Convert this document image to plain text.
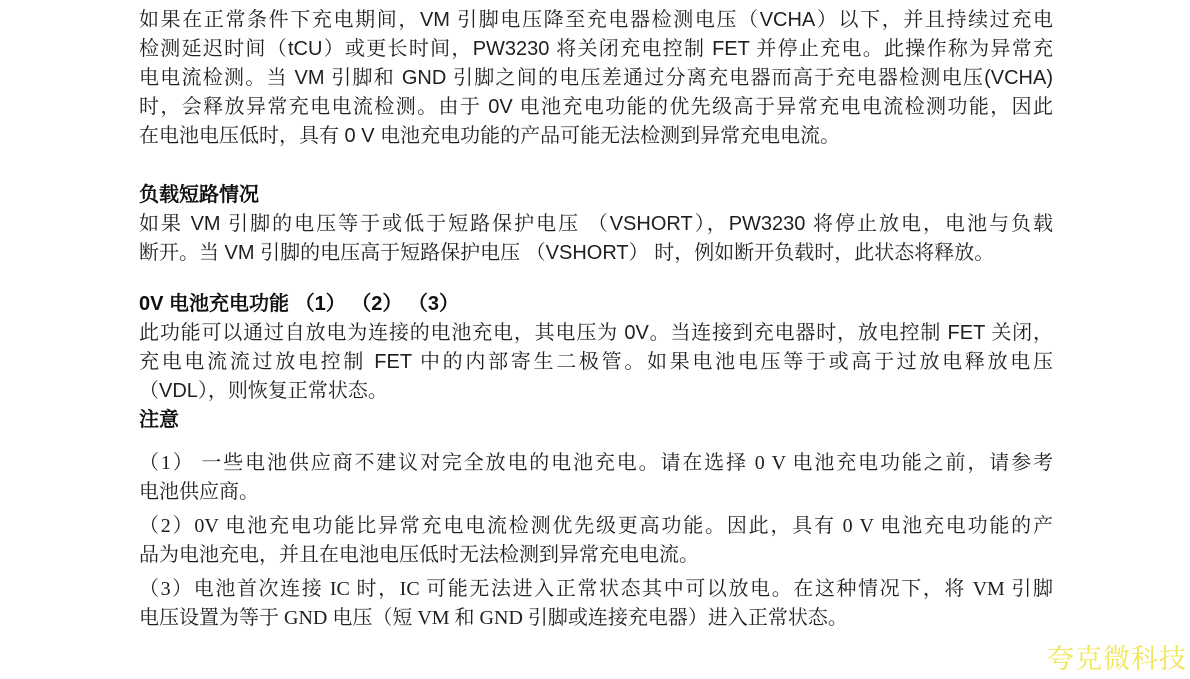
如果在正常条件下充电期间，VM 引脚电压降至充电器检测电压（VCHA）以下，并且持续过充电
检测延迟时间（tCU）或更长时间，PW3230 将关闭充电控制 FET 并停止充电。此操作称为异常充
电电流检测。当 VM 引脚和 GND 引脚之间的电压差通过分离充电器而高于充电器检测电压(VCHA)
时，会释放异常充电电流检测。由于 0V 电池充电功能的优先级高于异常充电电流检测功能，因此
在电池电压低时，具有 0 V 电池充电功能的产品可能无法检测到异常充电电流。
负载短路情况
如果 VM 引脚的电压等于或低于短路保护电压 （VSHORT），PW3230 将停止放电，电池与负载
断开。当 VM 引脚的电压高于短路保护电压 （VSHORT） 时，例如断开负载时，此状态将释放。
0V 电池充电功能 （1） （2） （3）
此功能可以通过自放电为连接的电池充电，其电压为 0V。当连接到充电器时，放电控制 FET 关闭，
充电电流流过放电控制 FET 中的内部寄生二极管。如果电池电压等于或高于过放电释放电压
（VDL），则恢复正常状态。
注意
（1） 一些电池供应商不建议对完全放电的电池充电。请在选择 0 V 电池充电功能之前，请参考
电池供应商。
（2）0V 电池充电功能比异常充电电流检测优先级更高功能。因此，具有 0 V 电池充电功能的产
品为电池充电，并且在电池电压低时无法检测到异常充电电流。
（3）电池首次连接 IC 时，IC 可能无法进入正常状态其中可以放电。在这种情况下，将 VM 引脚
电压设置为等于 GND 电压（短 VM 和 GND 引脚或连接充电器）进入正常状态。
夸克微科技
